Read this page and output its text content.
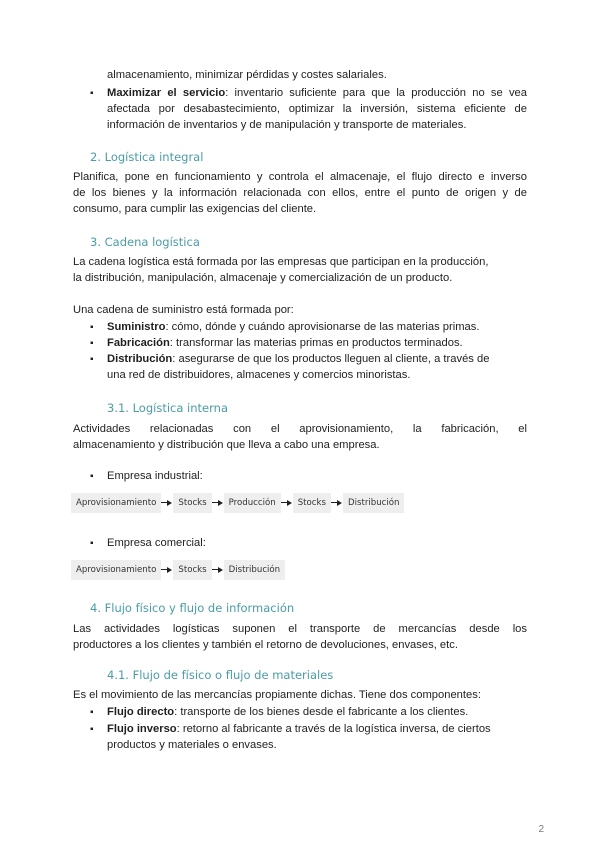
almacenamiento, minimizar pérdidas y costes salariales.
▪ Maximizar el servicio: inventario suficiente para que la producción no se vea
afectada por desabastecimiento, optimizar la inversión, sistema eficiente de
información de inventarios y de manipulación y transporte de materiales.
2. Logística integral
Planifica, pone en funcionamiento y controla el almacenaje, el flujo directo e inverso
de los bienes y la información relacionada con ellos, entre el punto de origen y de
consumo, para cumplir las exigencias del cliente.
3. Cadena logística
La cadena logística está formada por las empresas que participan en la producción,
la distribución, manipulación, almacenaje y comercialización de un producto.
Una cadena de suministro está formada por:
▪ Suministro: cómo, dónde y cuándo aprovisionarse de las materias primas.
▪ Fabricación: transformar las materias primas en productos terminados.
▪ Distribución: asegurarse de que los productos lleguen al cliente, a través de
una red de distribuidores, almacenes y comercios minoristas.
3.1. Logística interna
Actividades relacionadas con el aprovisionamiento, la fabricación, el
almacenamiento y distribución que lleva a cabo una empresa.
▪ Empresa industrial:
Aprovisionamiento	Stocks	Producción	Stocks	Distribución
▪ Empresa comercial:
Aprovisionamiento	Stocks	Distribución
4. Flujo físico y flujo de información
Las actividades logísticas suponen el transporte de mercancías desde los
productores a los clientes y también el retorno de devoluciones, envases, etc.
4.1. Flujo de físico o flujo de materiales
Es el movimiento de las mercancías propiamente dichas. Tiene dos componentes:
▪ Flujo directo: transporte de los bienes desde el fabricante a los clientes.
▪ Flujo inverso: retorno al fabricante a través de la logística inversa, de ciertos
productos y materiales o envases.
2
